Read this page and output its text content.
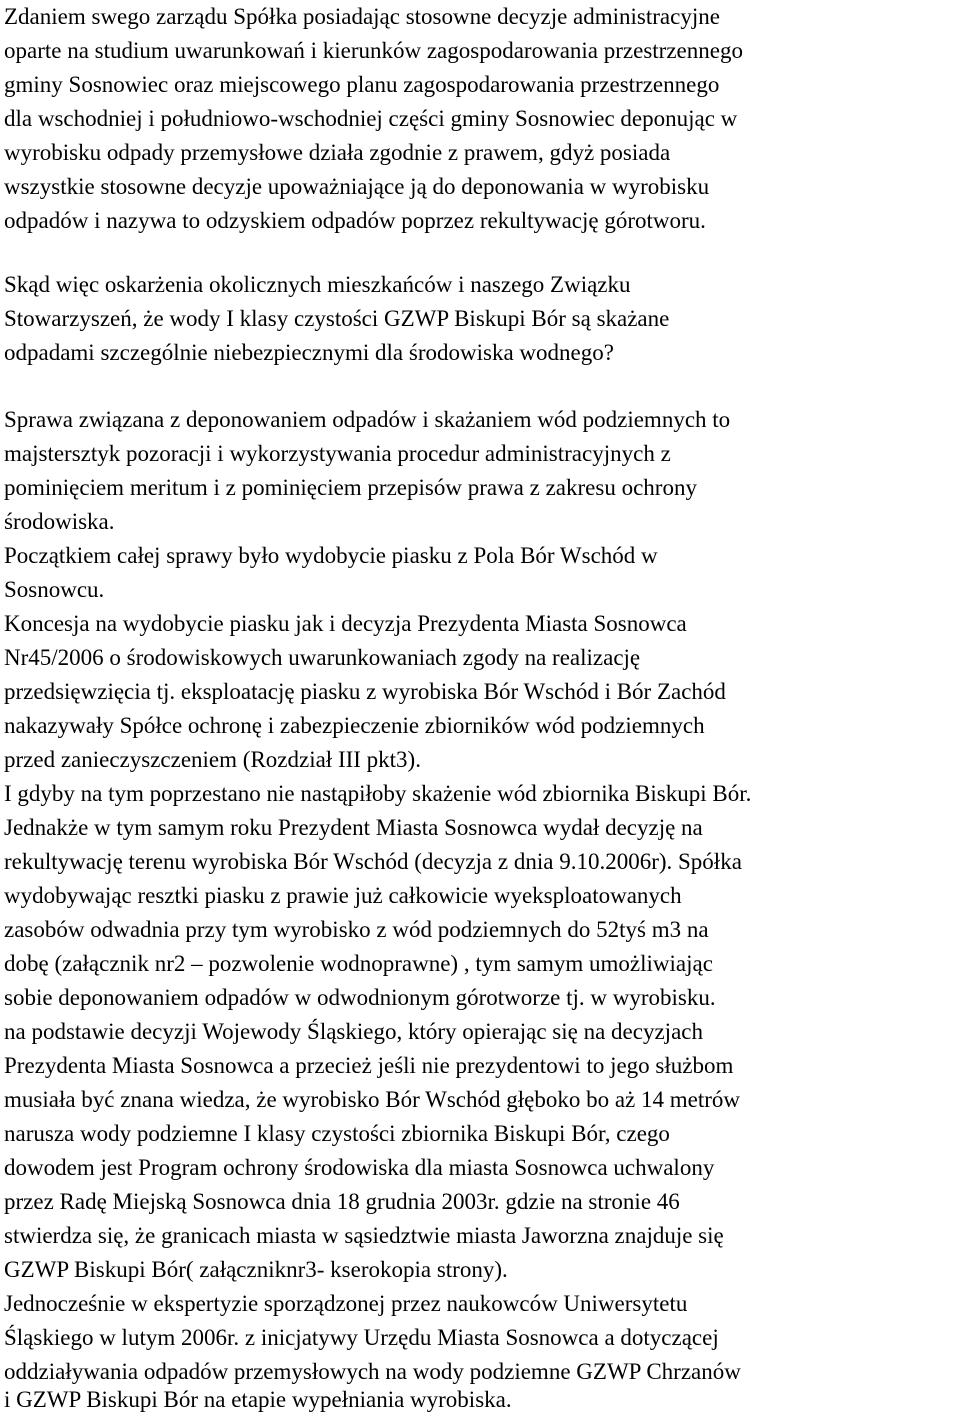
Zdaniem swego zarządu Spółka posiadając stosowne decyzje administracyjne
oparte na studium uwarunkowań i kierunków zagospodarowania przestrzennego
gminy Sosnowiec oraz miejscowego planu zagospodarowania przestrzennego
dla wschodniej i południowo-wschodniej części gminy Sosnowiec deponując w
wyrobisku odpady przemysłowe działa zgodnie z prawem, gdyż posiada
wszystkie stosowne decyzje upoważniające ją do deponowania w wyrobisku
odpadów i nazywa to odzyskiem odpadów poprzez rekultywację górotworu.
Skąd więc oskarżenia okolicznych mieszkańców i naszego Związku
Stowarzyszeń, że wody I klasy czystości GZWP Biskupi Bór są skażane
odpadami szczególnie niebezpiecznymi dla środowiska wodnego?
Sprawa związana z deponowaniem odpadów i skażaniem wód podziemnych to
majstersztyk pozoracji i wykorzystywania procedur administracyjnych z
pominięciem meritum i z pominięciem przepisów prawa z zakresu ochrony
środowiska.
Początkiem całej sprawy było wydobycie piasku z Pola Bór Wschód w
Sosnowcu.
Koncesja na wydobycie piasku jak i decyzja Prezydenta Miasta Sosnowca
Nr45/2006 o środowiskowych uwarunkowaniach zgody na realizację
przedsięwzięcia tj. eksploatację piasku z wyrobiska Bór Wschód i Bór Zachód
nakazywały Spółce ochronę i zabezpieczenie zbiorników wód podziemnych
przed zanieczyszczeniem (Rozdział III pkt3).
I gdyby na tym poprzestano nie nastąpiłoby skażenie wód zbiornika Biskupi Bór.
Jednakże w tym samym roku Prezydent Miasta Sosnowca wydał decyzję na
rekultywację terenu wyrobiska Bór Wschód (decyzja z dnia 9.10.2006r). Spółka
wydobywając resztki piasku z prawie już całkowicie wyeksploatowanych
zasobów odwadnia przy tym wyrobisko z wód podziemnych do 52tyś m3 na
dobę (załącznik nr2 – pozwolenie wodnoprawne) , tym samym umożliwiając
sobie deponowaniem odpadów w odwodnionym górotworze tj. w wyrobisku.
na podstawie decyzji Wojewody Śląskiego, który opierając się na decyzjach
Prezydenta Miasta Sosnowca a przecież jeśli nie prezydentowi to jego służbom
musiała być znana wiedza, że wyrobisko Bór Wschód głęboko bo aż 14 metrów
narusza wody podziemne I klasy czystości zbiornika Biskupi Bór, czego
dowodem jest Program ochrony środowiska dla miasta Sosnowca uchwalony
przez Radę Miejską Sosnowca dnia 18 grudnia 2003r. gdzie na stronie 46
stwierdza się, że granicach miasta w sąsiedztwie miasta Jaworzna znajduje się
GZWP Biskupi Bór( załączniknr3- kserokopia strony).
Jednocześnie w ekspertyzie sporządzonej przez naukowców Uniwersytetu
Śląskiego w lutym 2006r. z inicjatywy Urzędu Miasta Sosnowca a dotyczącej
oddziaływania odpadów przemysłowych na wody podziemne GZWP Chrzanów
i GZWP Biskupi Bór na etapie wypełniania wyrobiska.
